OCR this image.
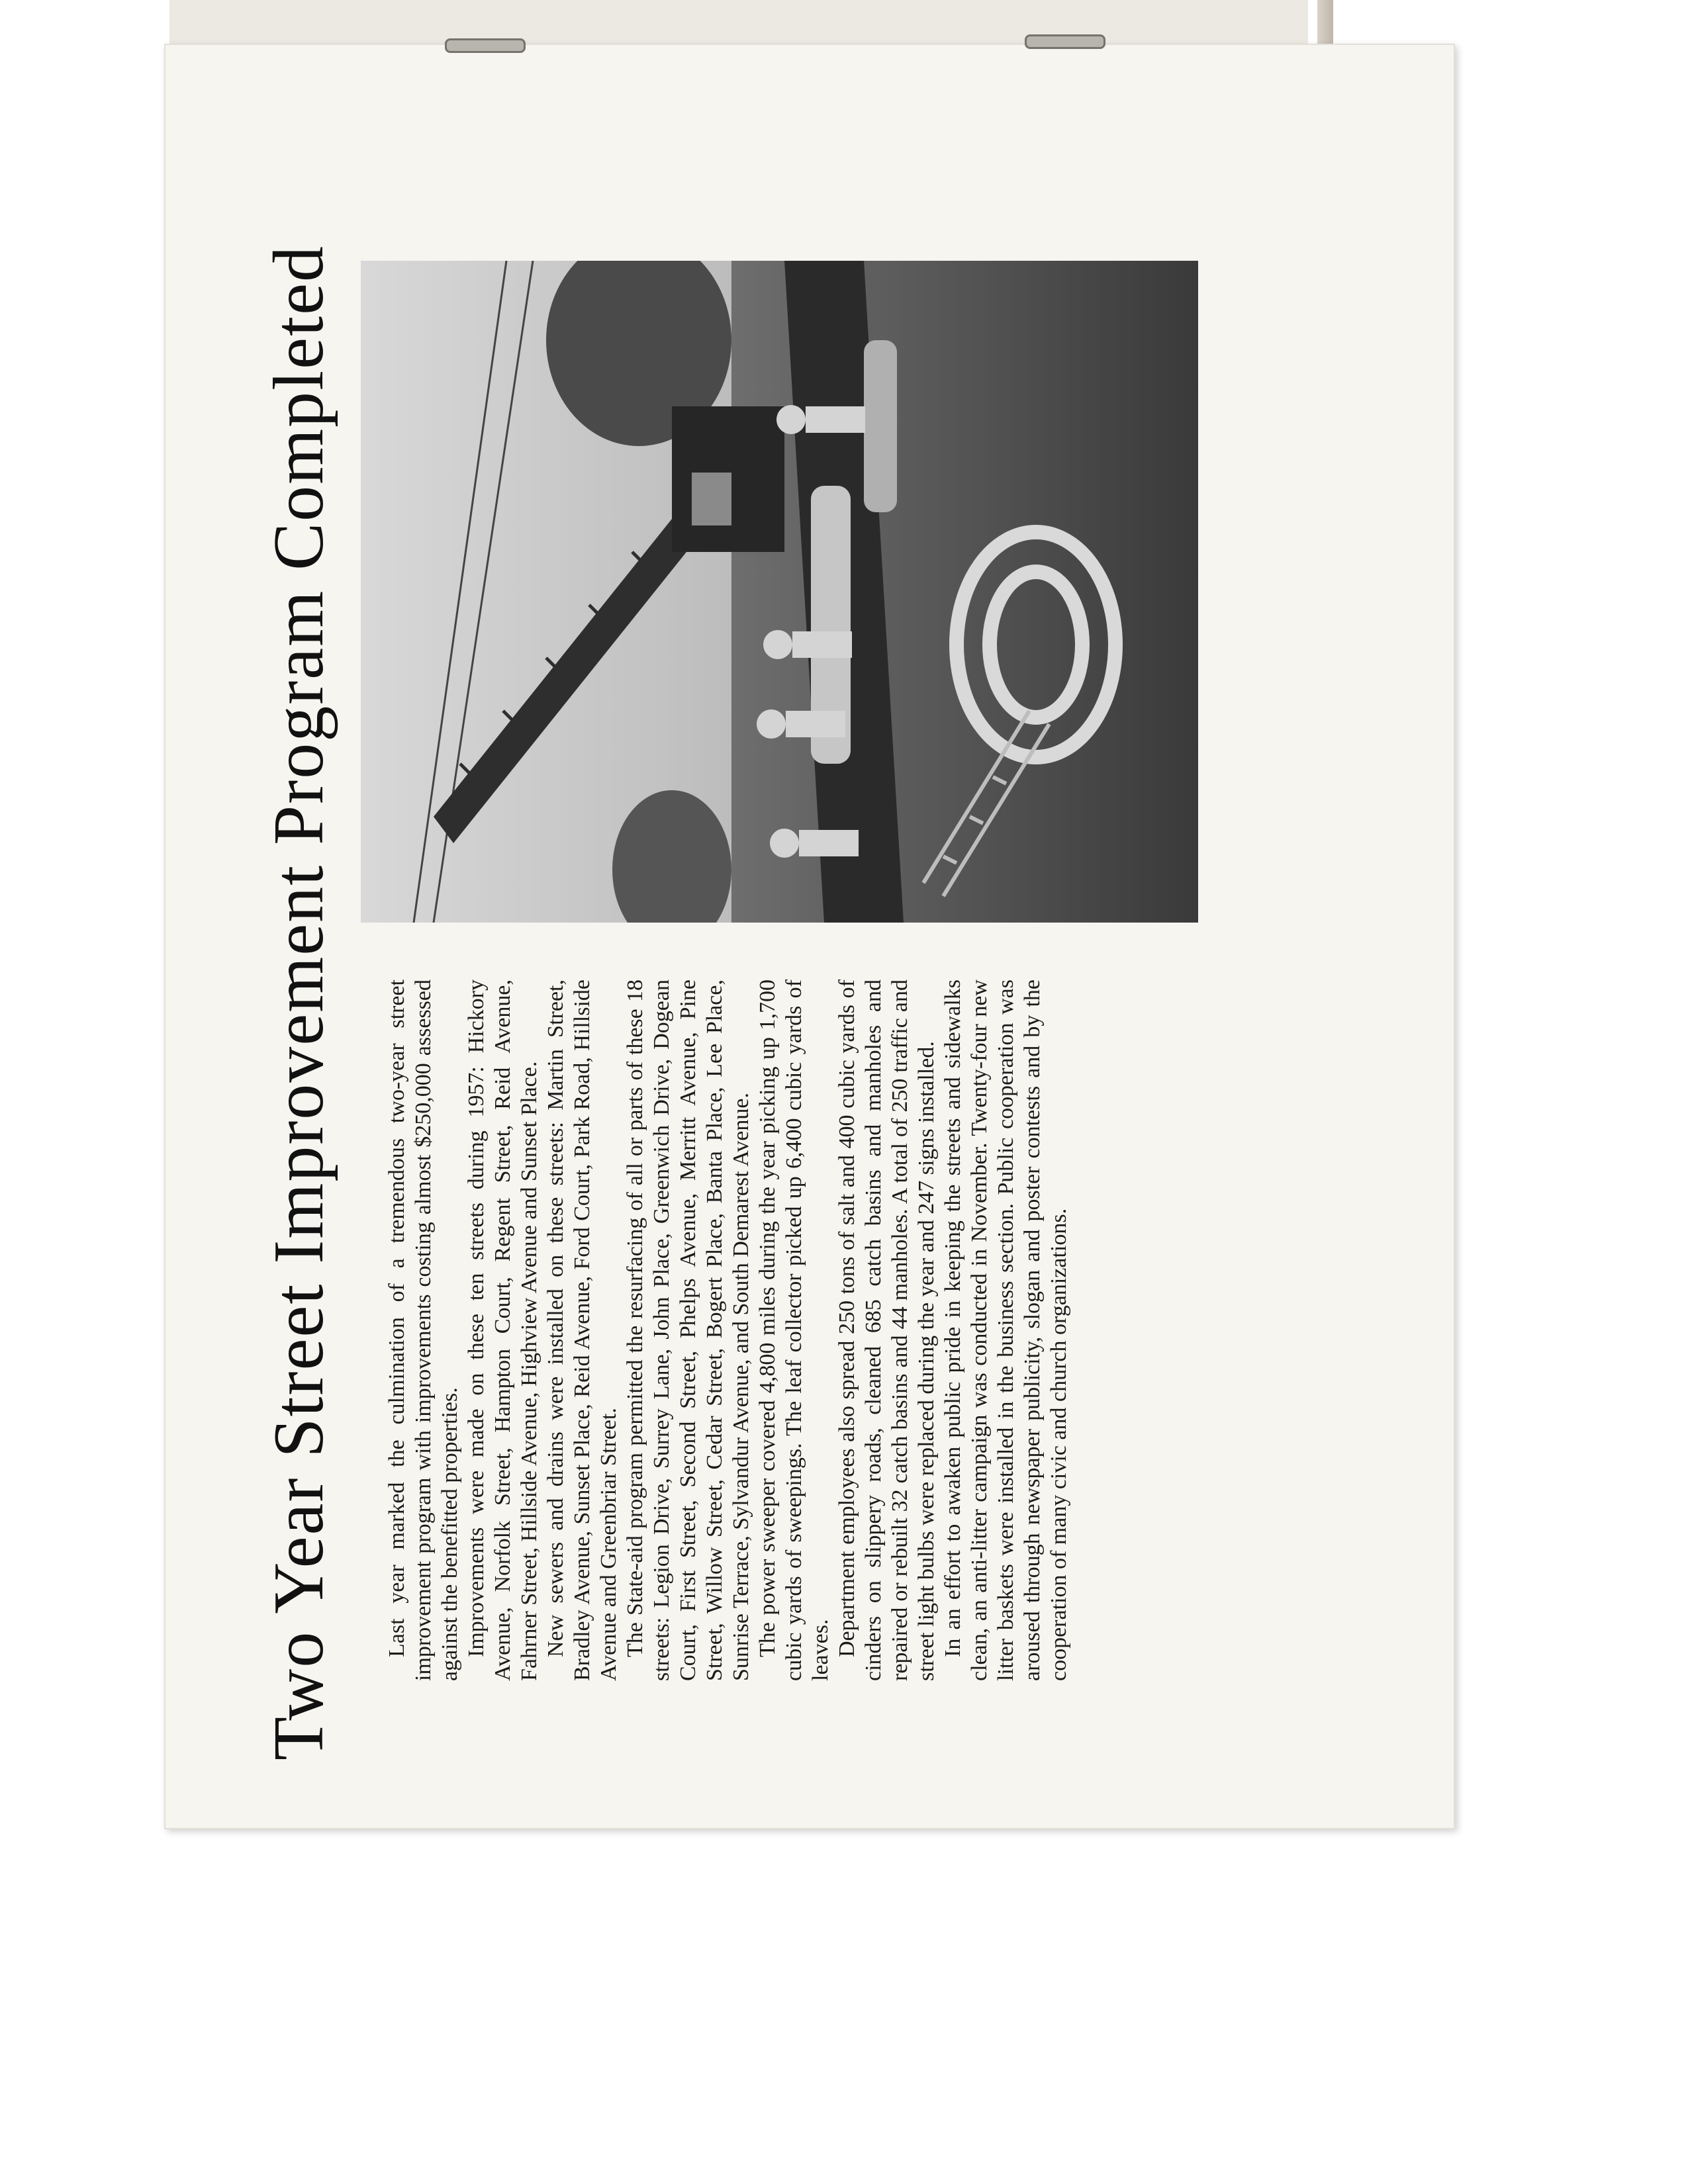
Two Year Street Improvement Program Completed Last year marked the culmination of a tremendous two-year street improvement program with improvements costing almost $250,000 assessed against the benefitted properties. Improvements were made on these ten streets during 1957: Hickory Avenue, Norfolk Street, Hampton Court, Regent Street, Reid Avenue, Fahrner Street, Hillside Avenue, Highview Avenue and Sunset Place. New sewers and drains were installed on these streets: Martin Street, Bradley Avenue, Sunset Place, Reid Avenue, Ford Court, Park Road, Hillside Avenue and Greenbriar Street. The State-aid program permitted the resurfacing of all or parts of these 18 streets: Legion Drive, Surrey Lane, John Place, Greenwich Drive, Dogean Court, First Street, Second Street, Phelps Avenue, Merritt Avenue, Pine Street, Willow Street, Cedar Street, Bogert Place, Banta Place, Lee Place, Sunrise Terrace, Sylvandur Avenue, and South Demarest Avenue. The power sweeper covered 4,800 miles during the year picking up 1,700 cubic yards of sweepings. The leaf collector picked up 6,400 cubic yards of leaves. Department employees also spread 250 tons of salt and 400 cubic yards of cinders on slippery roads, cleaned 685 catch basins and manholes and repaired or rebuilt 32 catch basins and 44 manholes. A total of 250 traffic and street light bulbs were replaced during the year and 247 signs installed. In an effort to awaken public pride in keeping the streets and sidewalks clean, an anti-litter campaign was conducted in November. Twenty-four new litter baskets were installed in the business section. Public cooperation was aroused through newspaper publicity, slogan and poster contests and by the cooperation of many civic and church organizations.
